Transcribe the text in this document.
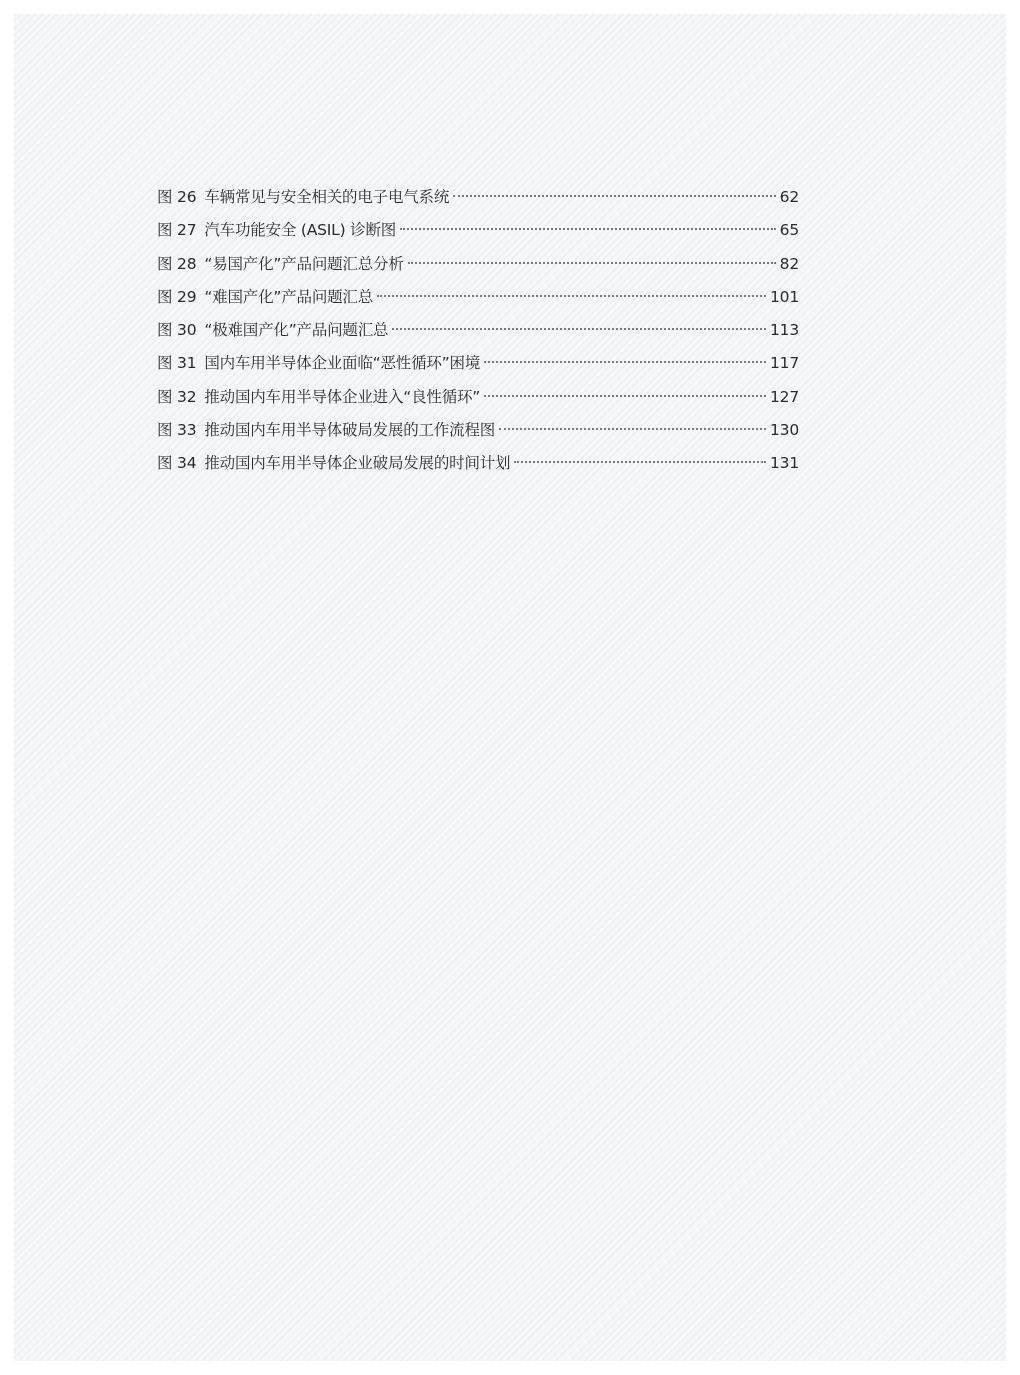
图 26 车辆常见与安全相关的电子电气系统	62
图 27 汽车功能安全 (ASIL) 诊断图	65
图 28 “易国产化”产品问题汇总分析	82
图 29 “难国产化”产品问题汇总	101
图 30 “极难国产化”产品问题汇总	113
图 31 国内车用半导体企业面临“恶性循环”困境	117
图 32 推动国内车用半导体企业进入“良性循环”	127
图 33 推动国内车用半导体破局发展的工作流程图	130
图 34 推动国内车用半导体企业破局发展的时间计划	131
